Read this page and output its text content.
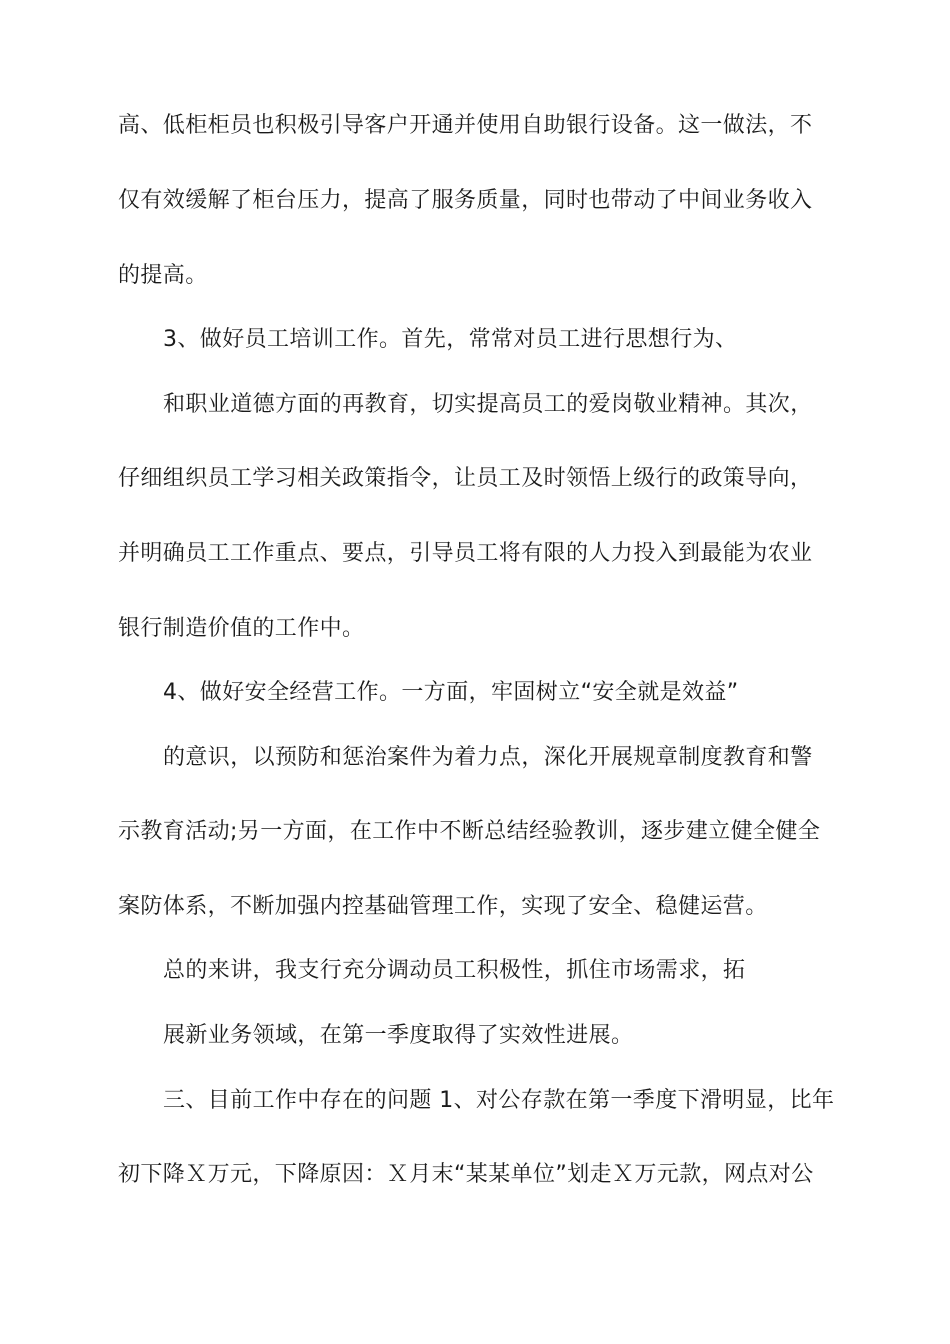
高、低柜柜员也积极引导客户开通并使用自助银行设备。这一做法，不
仅有效缓解了柜台压力，提高了服务质量，同时也带动了中间业务收入
的提高。
3、做好员工培训工作。首先，常常对员工进行思想行为、
和职业道德方面的再教育，切实提高员工的爱岗敬业精神。其次，
仔细组织员工学习相关政策指令，让员工及时领悟上级行的政策导向，
并明确员工工作重点、要点，引导员工将有限的人力投入到最能为农业
银行制造价值的工作中。
4、做好安全经营工作。一方面，牢固树立“安全就是效益”
的意识，以预防和惩治案件为着力点，深化开展规章制度教育和警
示教育活动;另一方面，在工作中不断总结经验教训，逐步建立健全健全
案防体系，不断加强内控基础管理工作，实现了安全、稳健运营。
总的来讲，我支行充分调动员工积极性，抓住市场需求，拓
展新业务领域，在第一季度取得了实效性进展。
三、目前工作中存在的问题 1、对公存款在第一季度下滑明显，比年
初下降Ｘ万元，下降原因：Ｘ月末“某某单位”划走Ｘ万元款，网点对公
